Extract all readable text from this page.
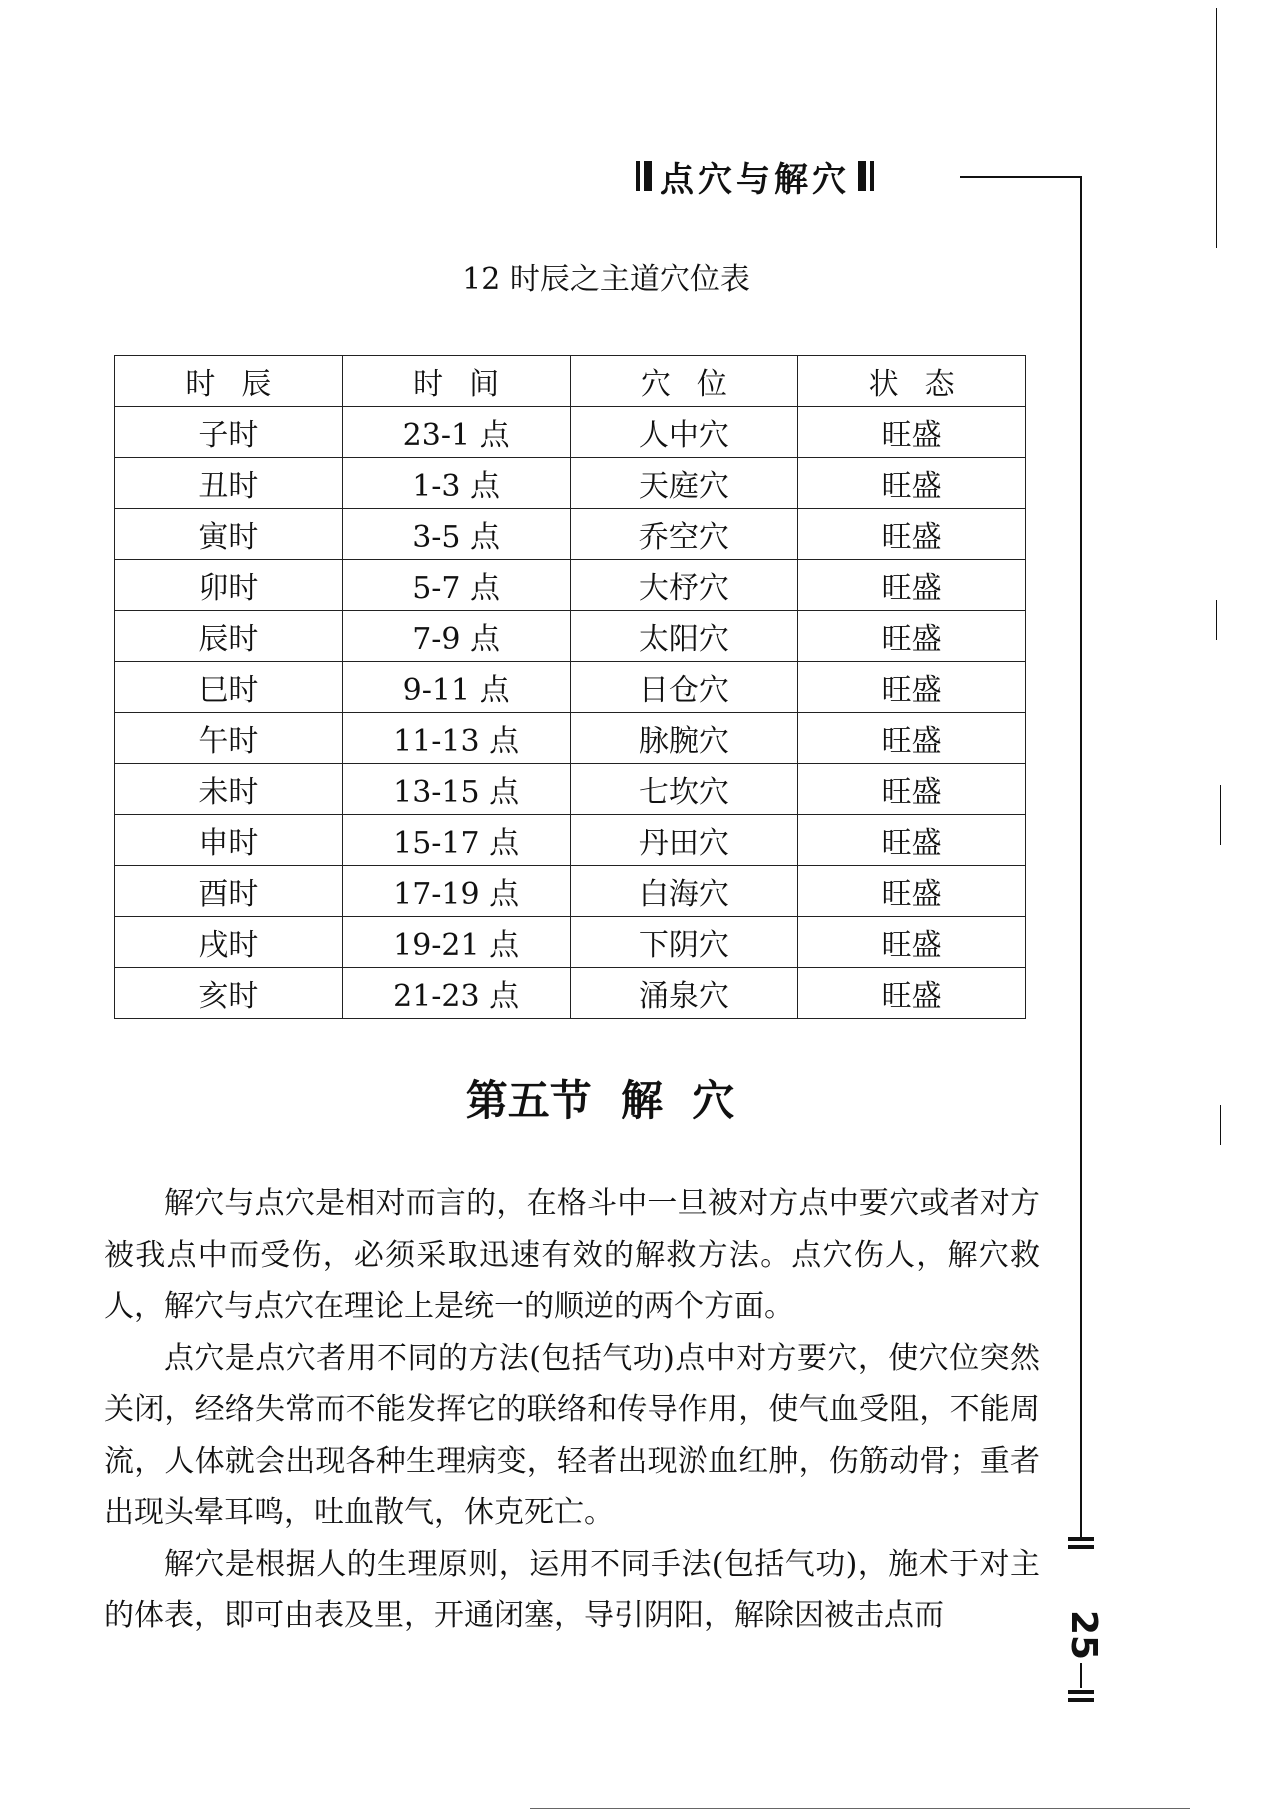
点穴与解穴
12 时辰之主道穴位表
时辰	时间	穴位	状态
子时	23-1 点	人中穴	旺盛
丑时	1-3 点	天庭穴	旺盛
寅时	3-5 点	乔空穴	旺盛
卯时	5-7 点	大杼穴	旺盛
辰时	7-9 点	太阳穴	旺盛
巳时	9-11 点	日仓穴	旺盛
午时	11-13 点	脉腕穴	旺盛
未时	13-15 点	七坎穴	旺盛
申时	15-17 点	丹田穴	旺盛
酉时	17-19 点	白海穴	旺盛
戌时	19-21 点	下阴穴	旺盛
亥时	21-23 点	涌泉穴	旺盛
第五节  解  穴

解穴与点穴是相对而言的，在格斗中一旦被对方点中要穴或者对方被我点中而受伤，必须采取迅速有效的解救方法。点穴伤人，解穴救人，解穴与点穴在理论上是统一的顺逆的两个方面。

点穴是点穴者用不同的方法(包括气功)点中对方要穴，使穴位突然关闭，经络失常而不能发挥它的联络和传导作用，使气血受阻，不能周流，人体就会出现各种生理病变，轻者出现淤血红肿，伤筋动骨；重者出现头晕耳鸣，吐血散气，休克死亡。

解穴是根据人的生理原则，运用不同手法(包括气功)，施术于对主的体表，即可由表及里，开通闭塞，导引阴阳，解除因被击点而	25
